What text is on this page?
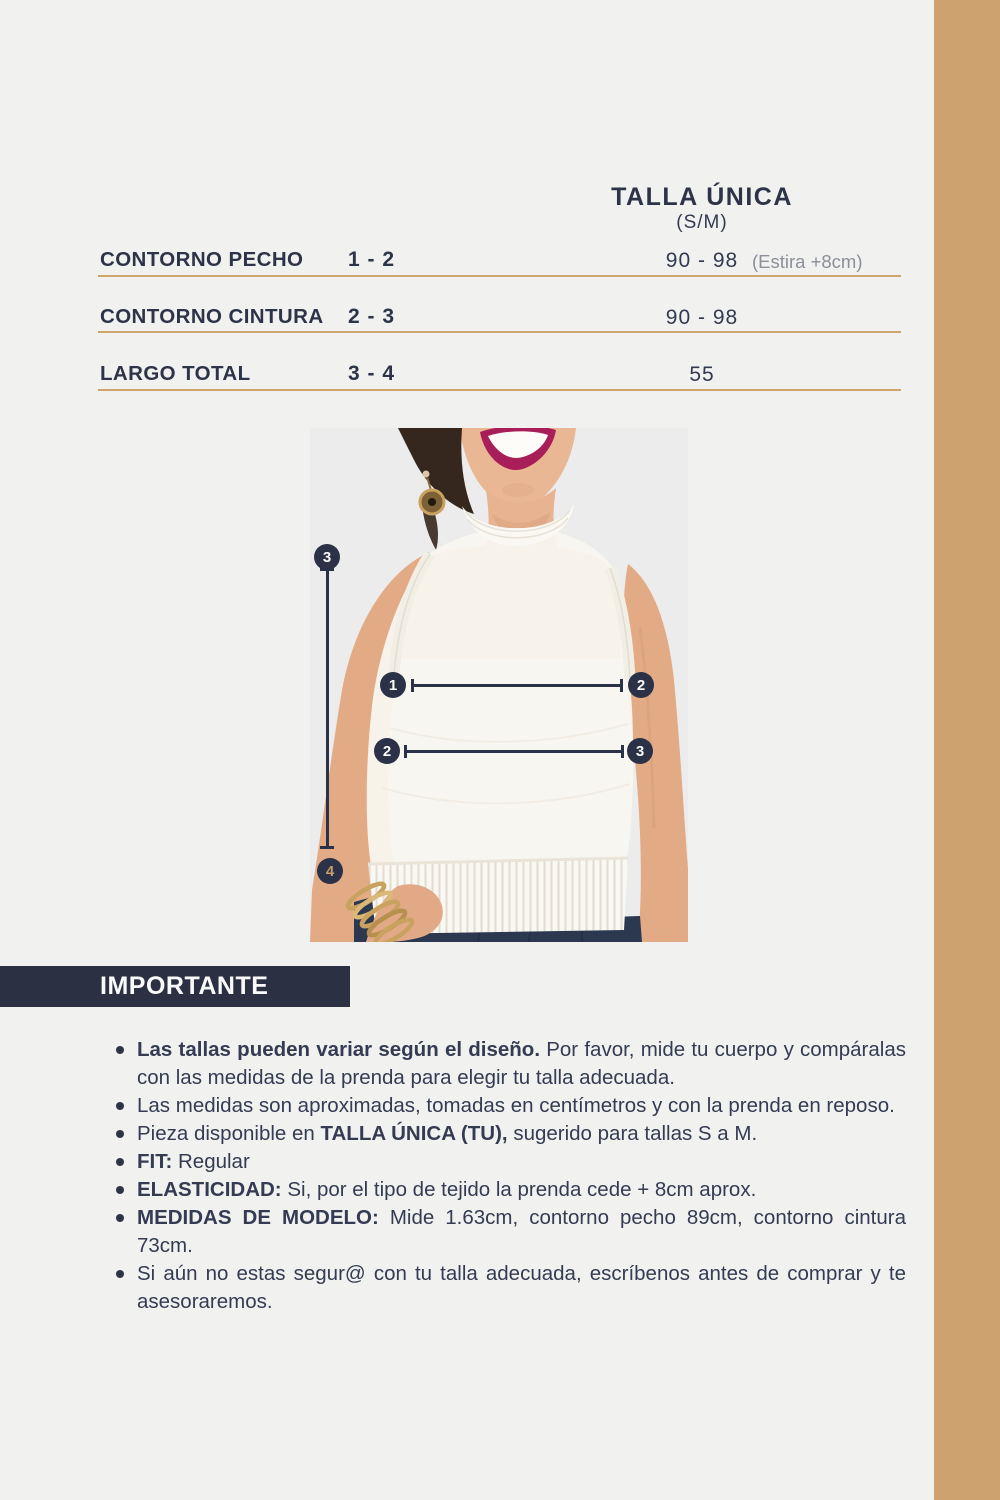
TALLA ÚNICA
(S/M)
CONTORNO PECHO 1 - 2	90 - 98 (Estira +8cm)
CONTORNO CINTURA 2 - 3	90 - 98
LARGO TOTAL	3 - 4	55
3
4
1	2
2	3
IMPORTANTE
Las tallas pueden variar según el diseño. Por favor, mide tu cuerpo y compáralas con las medidas de la prenda para elegir tu talla adecuada.
Las medidas son aproximadas, tomadas en centímetros y con la prenda en reposo.
Pieza disponible en TALLA ÚNICA (TU), sugerido para tallas S a M.
FIT: Regular
ELASTICIDAD: Si, por el tipo de tejido la prenda cede + 8cm aprox.
MEDIDAS DE MODELO: Mide 1.63cm, contorno pecho 89cm, contorno cintura 73cm.
Si aún no estas segur@ con tu talla adecuada, escríbenos antes de comprar y te asesoraremos.
